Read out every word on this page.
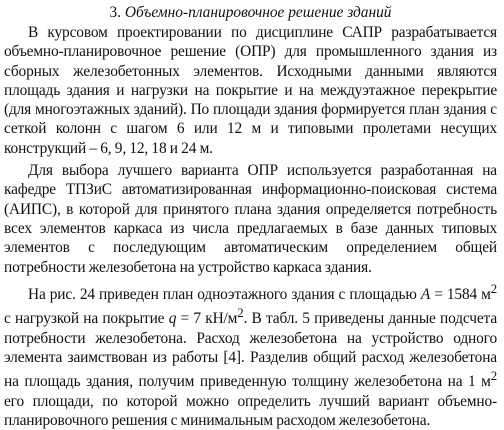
3. Объемно-планировочное решение зданий

В курсовом проектировании по дисциплине САПР разрабатывается объемно-планировочное решение (ОПР) для промышленного здания из сборных железобетонных элементов. Исходными данными являются площадь здания и нагрузки на покрытие и на междуэтажное перекрытие (для многоэтажных зданий). По площади здания формируется план здания с сеткой колонн с шагом 6 или 12 м и типовыми пролетами несущих конструкций – 6, 9, 12, 18 и 24 м.

Для выбора лучшего варианта ОПР используется разработанная на кафедре ТПЗиС автоматизированная информационно-поисковая система (АИПС), в которой для принятого плана здания определяется потребность всех элементов каркаса из числа предлагаемых в базе данных типовых элементов с последующим автоматическим определением общей потребности железобетона на устройство каркаса здания.

На рис. 24 приведен план одноэтажного здания с площадью A = 1584 $м^2$ с нагрузкой на покрытие q = 7 $кН/м^2$. В табл. 5 приведены данные подсчета потребности железобетона. Расход железобетона на устройство одного элемента заимствован из работы [4]. Разделив общий расход железобетона на площадь здания, получим приведенную толщину железобетона на 1 $м^2$ его площади, по которой можно определить лучший вариант объемно-планировочного решения с минимальным расходом железобетона.
